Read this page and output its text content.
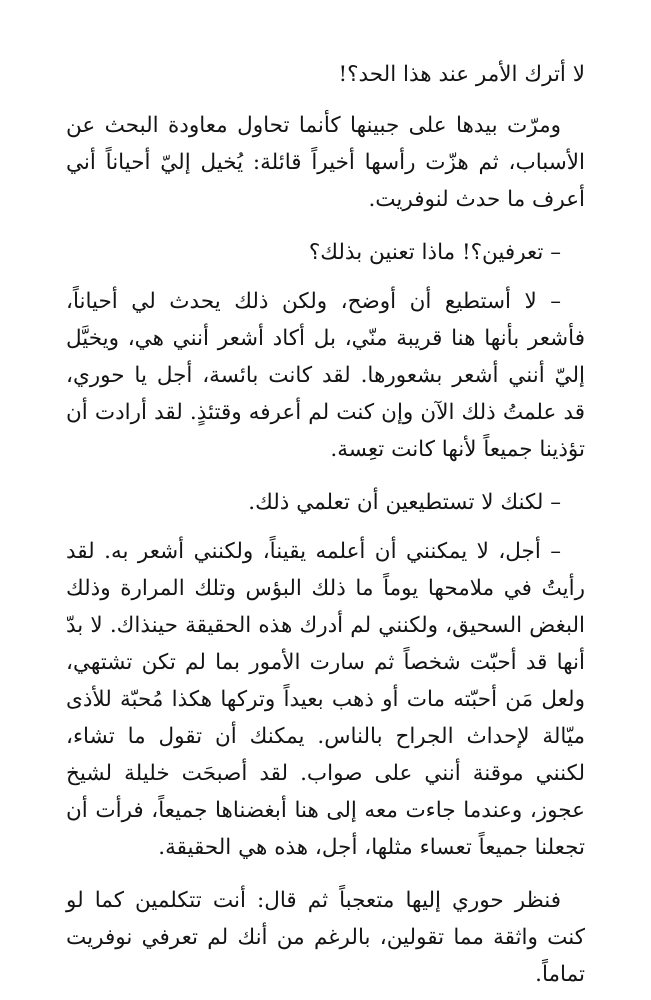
لا أترك الأمر عند هذا الحد؟!

ومرّت بيدها على جبينها كأنما تحاول معاودة البحث عن الأسباب، ثم هزّت رأسها أخيراً قائلة: يُخيل إليّ أحياناً أني أعرف ما حدث لنوفريت.

– تعرفين؟! ماذا تعنين بذلك؟

– لا أستطيع أن أوضح، ولكن ذلك يحدث لي أحياناً، فأشعر بأنها هنا قريبة منّي، بل أكاد أشعر أنني هي، ويخيَّل إليّ أنني أشعر بشعورها. لقد كانت بائسة، أجل يا حوري، قد علمتُ ذلك الآن وإن كنت لم أعرفه وقتئذٍ. لقد أرادت أن تؤذينا جميعاً لأنها كانت تعِسة.

– لكنك لا تستطيعين أن تعلمي ذلك.

– أجل، لا يمكنني أن أعلمه يقيناً، ولكنني أشعر به. لقد رأيتُ في ملامحها يوماً ما ذلك البؤس وتلك المرارة وذلك البغض السحيق، ولكنني لم أدرك هذه الحقيقة حينذاك. لا بدّ أنها قد أحبّت شخصاً ثم سارت الأمور بما لم تكن تشتهي، ولعل مَن أحبّته مات أو ذهب بعيداً وتركها هكذا مُحبّة للأذى ميّالة لإحداث الجراح بالناس. يمكنك أن تقول ما تشاء، لكنني موقنة أنني على صواب. لقد أصبحَت خليلة لشيخ عجوز، وعندما جاءت معه إلى هنا أبغضناها جميعاً، فرأت أن تجعلنا جميعاً تعساء مثلها، أجل، هذه هي الحقيقة.

فنظر حوري إليها متعجباً ثم قال: أنت تتكلمين كما لو كنت واثقة مما تقولين، بالرغم من أنك لم تعرفي نوفريت تماماً.
